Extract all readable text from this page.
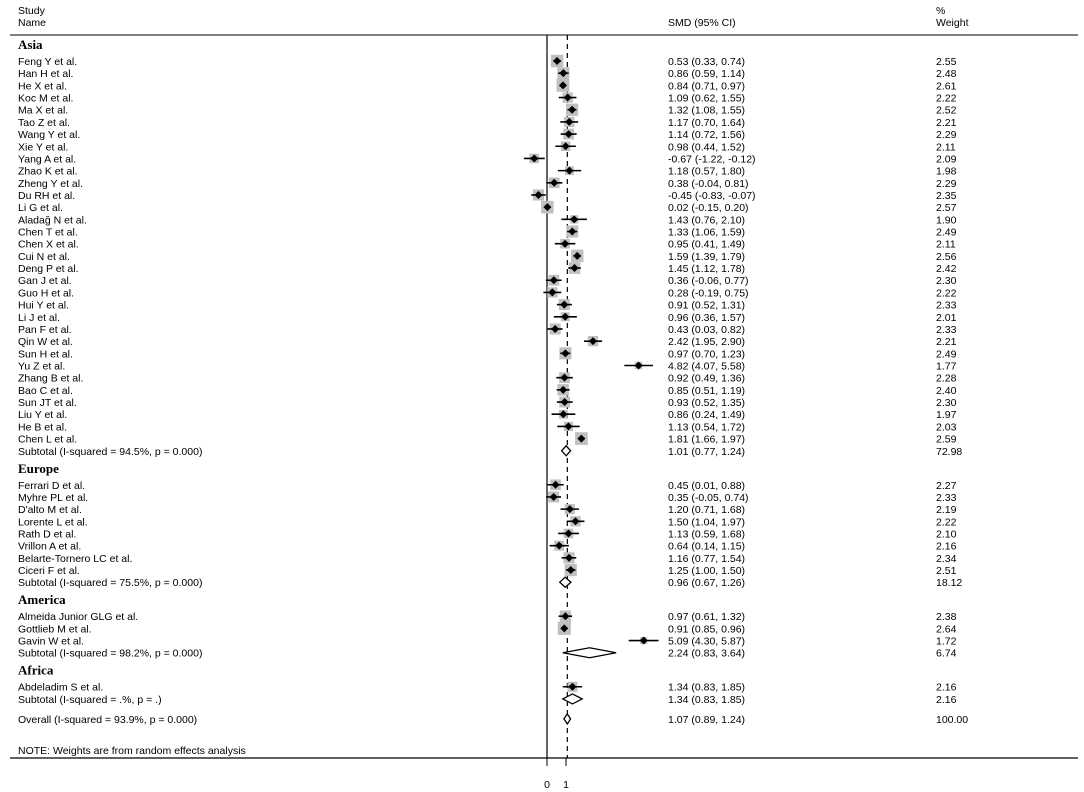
Study
Name	SMD (95% CI)
%
Weight
0 1
Asia
Feng Y et al.	0.53 (0.33, 0.74)	2.55
Han H et al.	0.86 (0.59, 1.14)	2.48
He X et al.	0.84 (0.71, 0.97)	2.61
Koc M et al.	1.09 (0.62, 1.55)	2.22
Ma X et al.	1.32 (1.08, 1.55)	2.52
Tao Z et al.	1.17 (0.70, 1.64)	2.21
Wang Y et al.	1.14 (0.72, 1.56)	2.29
Xie Y et al.	0.98 (0.44, 1.52)	2.11
Yang A et al.	-0.67 (-1.22, -0.12)	2.09
Zhao K et al.	1.18 (0.57, 1.80)	1.98
Zheng Y et al.	0.38 (-0.04, 0.81)	2.29
Du RH et al.	-0.45 (-0.83, -0.07)	2.35
Li G et al.	0.02 (-0.15, 0.20)	2.57
Aladağ N et al.	1.43 (0.76, 2.10)	1.90
Chen T et al.	1.33 (1.06, 1.59)	2.49
Chen X et al.	0.95 (0.41, 1.49)	2.11
Cui N et al.	1.59 (1.39, 1.79)	2.56
Deng P et al.	1.45 (1.12, 1.78)	2.42
Gan J et al.	0.36 (-0.06, 0.77)	2.30
Guo H et al.	0.28 (-0.19, 0.75)	2.22
Hui Y et al.	0.91 (0.52, 1.31)	2.33
Li J et al.	0.96 (0.36, 1.57)	2.01
Pan F et al.	0.43 (0.03, 0.82)	2.33
Qin W et al.	2.42 (1.95, 2.90)	2.21
Sun H et al.	0.97 (0.70, 1.23)	2.49
Yu Z et al.	4.82 (4.07, 5.58)	1.77
Zhang B et al.	0.92 (0.49, 1.36)	2.28
Bao C et al.	0.85 (0.51, 1.19)	2.40
Sun JT et al.	0.93 (0.52, 1.35)	2.30
Liu Y et al.	0.86 (0.24, 1.49)	1.97
He B et al.	1.13 (0.54, 1.72)	2.03
Chen L et al.	1.81 (1.66, 1.97)	2.59
Subtotal (I-squared = 94.5%, p = 0.000)	1.01 (0.77, 1.24)	72.98
Europe
Ferrari D et al.	0.45 (0.01, 0.88)	2.27
Myhre PL et al.	0.35 (-0.05, 0.74)	2.33
D'alto M et al.	1.20 (0.71, 1.68)	2.19
Lorente L et al.	1.50 (1.04, 1.97)	2.22
Rath D et al.	1.13 (0.59, 1.68)	2.10
Vrillon A et al.	0.64 (0.14, 1.15)	2.16
Belarte-Tornero LC et al.	1.16 (0.77, 1.54)	2.34
Ciceri F et al.	1.25 (1.00, 1.50)	2.51
Subtotal (I-squared = 75.5%, p = 0.000)	0.96 (0.67, 1.26)	18.12
America
Almeida Junior GLG et al.	0.97 (0.61, 1.32)	2.38
Gottlieb M et al.	0.91 (0.85, 0.96)	2.64
Gavin W et al.	5.09 (4.30, 5.87)	1.72
Subtotal (I-squared = 98.2%, p = 0.000)	2.24 (0.83, 3.64)	6.74
Africa
Abdeladim S et al.	1.34 (0.83, 1.85)	2.16
Subtotal (I-squared = .%, p = .)	1.34 (0.83, 1.85)	2.16
Overall (I-squared = 93.9%, p = 0.000)	1.07 (0.89, 1.24)	100.00
NOTE: Weights are from random effects analysis
